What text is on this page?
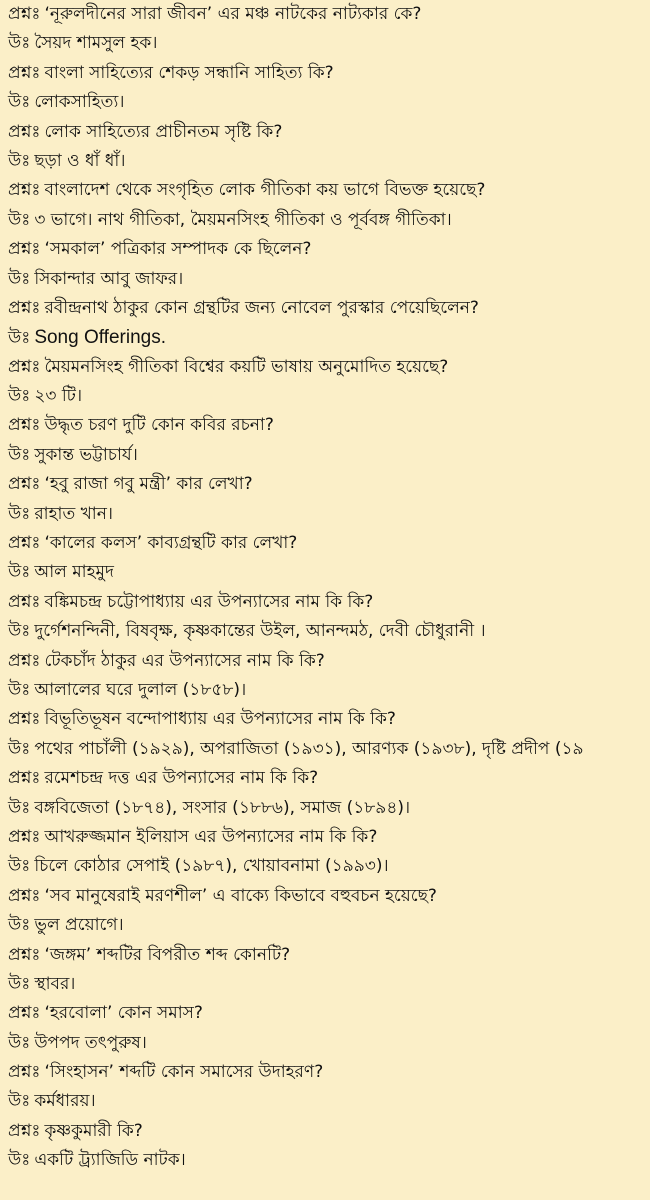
প্রশ্নঃ ‘নূরুলদীনের সারা জীবন’ এর মঞ্চ নাটকের নাট্যকার কে?
উঃ সৈয়দ শামসুল হক।
প্রশ্নঃ বাংলা সাহিত্যের শেকড় সন্ধানি সাহিত্য কি?
উঃ লোকসাহিত্য।
প্রশ্নঃ লোক সাহিত্যের প্রাচীনতম সৃষ্টি কি?
উঃ ছড়া ও ধাঁ ধাঁ।
প্রশ্নঃ বাংলাদেশ থেকে সংগৃহিত লোক গীতিকা কয় ভাগে বিভক্ত হয়েছে?
উঃ ৩ ভাগে। নাথ গীতিকা, মৈয়মনসিংহ গীতিকা ও পূর্ববঙ্গ গীতিকা।
প্রশ্নঃ ‘সমকাল’ পত্রিকার সম্পাদক কে ছিলেন?
উঃ সিকান্দার আবু জাফর।
প্রশ্নঃ রবীন্দ্রনাথ ঠাকুর কোন গ্রন্থটির জন্য নোবেল পুরস্কার পেয়েছিলেন?
উঃ Song Offerings.
প্রশ্নঃ মৈয়মনসিংহ গীতিকা বিশ্বের কয়টি ভাষায় অনুমোদিত হয়েছে?
উঃ ২৩ টি।
প্রশ্নঃ উদ্ধৃত চরণ দুটি কোন কবির রচনা?
উঃ সুকান্ত ভট্টাচার্য।
প্রশ্নঃ ‘হবু রাজা গবু মন্ত্রী’ কার লেখা?
উঃ রাহাত খান।
প্রশ্নঃ ‘কালের কলস’ কাব্যগ্রন্থটি কার লেখা?
উঃ আল মাহমুদ
প্রশ্নঃ বঙ্কিমচন্দ্র চট্টোপাধ্যায় এর উপন্যাসের নাম কি কি?
উঃ দুর্গেশনন্দিনী, বিষবৃক্ষ, কৃষ্ণকান্তের উইল, আনন্দমঠ, দেবী চৌধুরানী ।
প্রশ্নঃ টেকচাঁদ ঠাকুর এর উপন্যাসের নাম কি কি?
উঃ আলালের ঘরে দুলাল (১৮৫৮)।
প্রশ্নঃ বিভূতিভূষন বন্দোপাধ্যায় এর উপন্যাসের নাম কি কি?
উঃ পথের পাচাঁলী (১৯২৯), অপরাজিতা (১৯৩১), আরণ্যক (১৯৩৮), দৃষ্টি প্রদীপ (১৯
প্রশ্নঃ রমেশচন্দ্র দত্ত এর উপন্যাসের নাম কি কি?
উঃ বঙ্গবিজেতা (১৮৭৪), সংসার (১৮৮৬), সমাজ (১৮৯৪)।
প্রশ্নঃ আখরুজ্জমান ইলিয়াস এর উপন্যাসের নাম কি কি?
উঃ চিলে কোঠার সেপাই (১৯৮৭), খোয়াবনামা (১৯৯৩)।
প্রশ্নঃ ‘সব মানুষেরাই মরণশীল’ এ বাক্যে কিভাবে বহুবচন হয়েছে?
উঃ ভুল প্রয়োগে।
প্রশ্নঃ ‘জঙ্গম’ শব্দটির বিপরীত শব্দ কোনটি?
উঃ স্থাবর।
প্রশ্নঃ ‘হরবোলা’ কোন সমাস?
উঃ উপপদ তৎপুরুষ।
প্রশ্নঃ ‘সিংহাসন’ শব্দটি কোন সমাসের উদাহরণ?
উঃ কর্মধারয়।
প্রশ্নঃ কৃষ্ণকুমারী কি?
উঃ একটি ট্র্যাজিডি নাটক।
